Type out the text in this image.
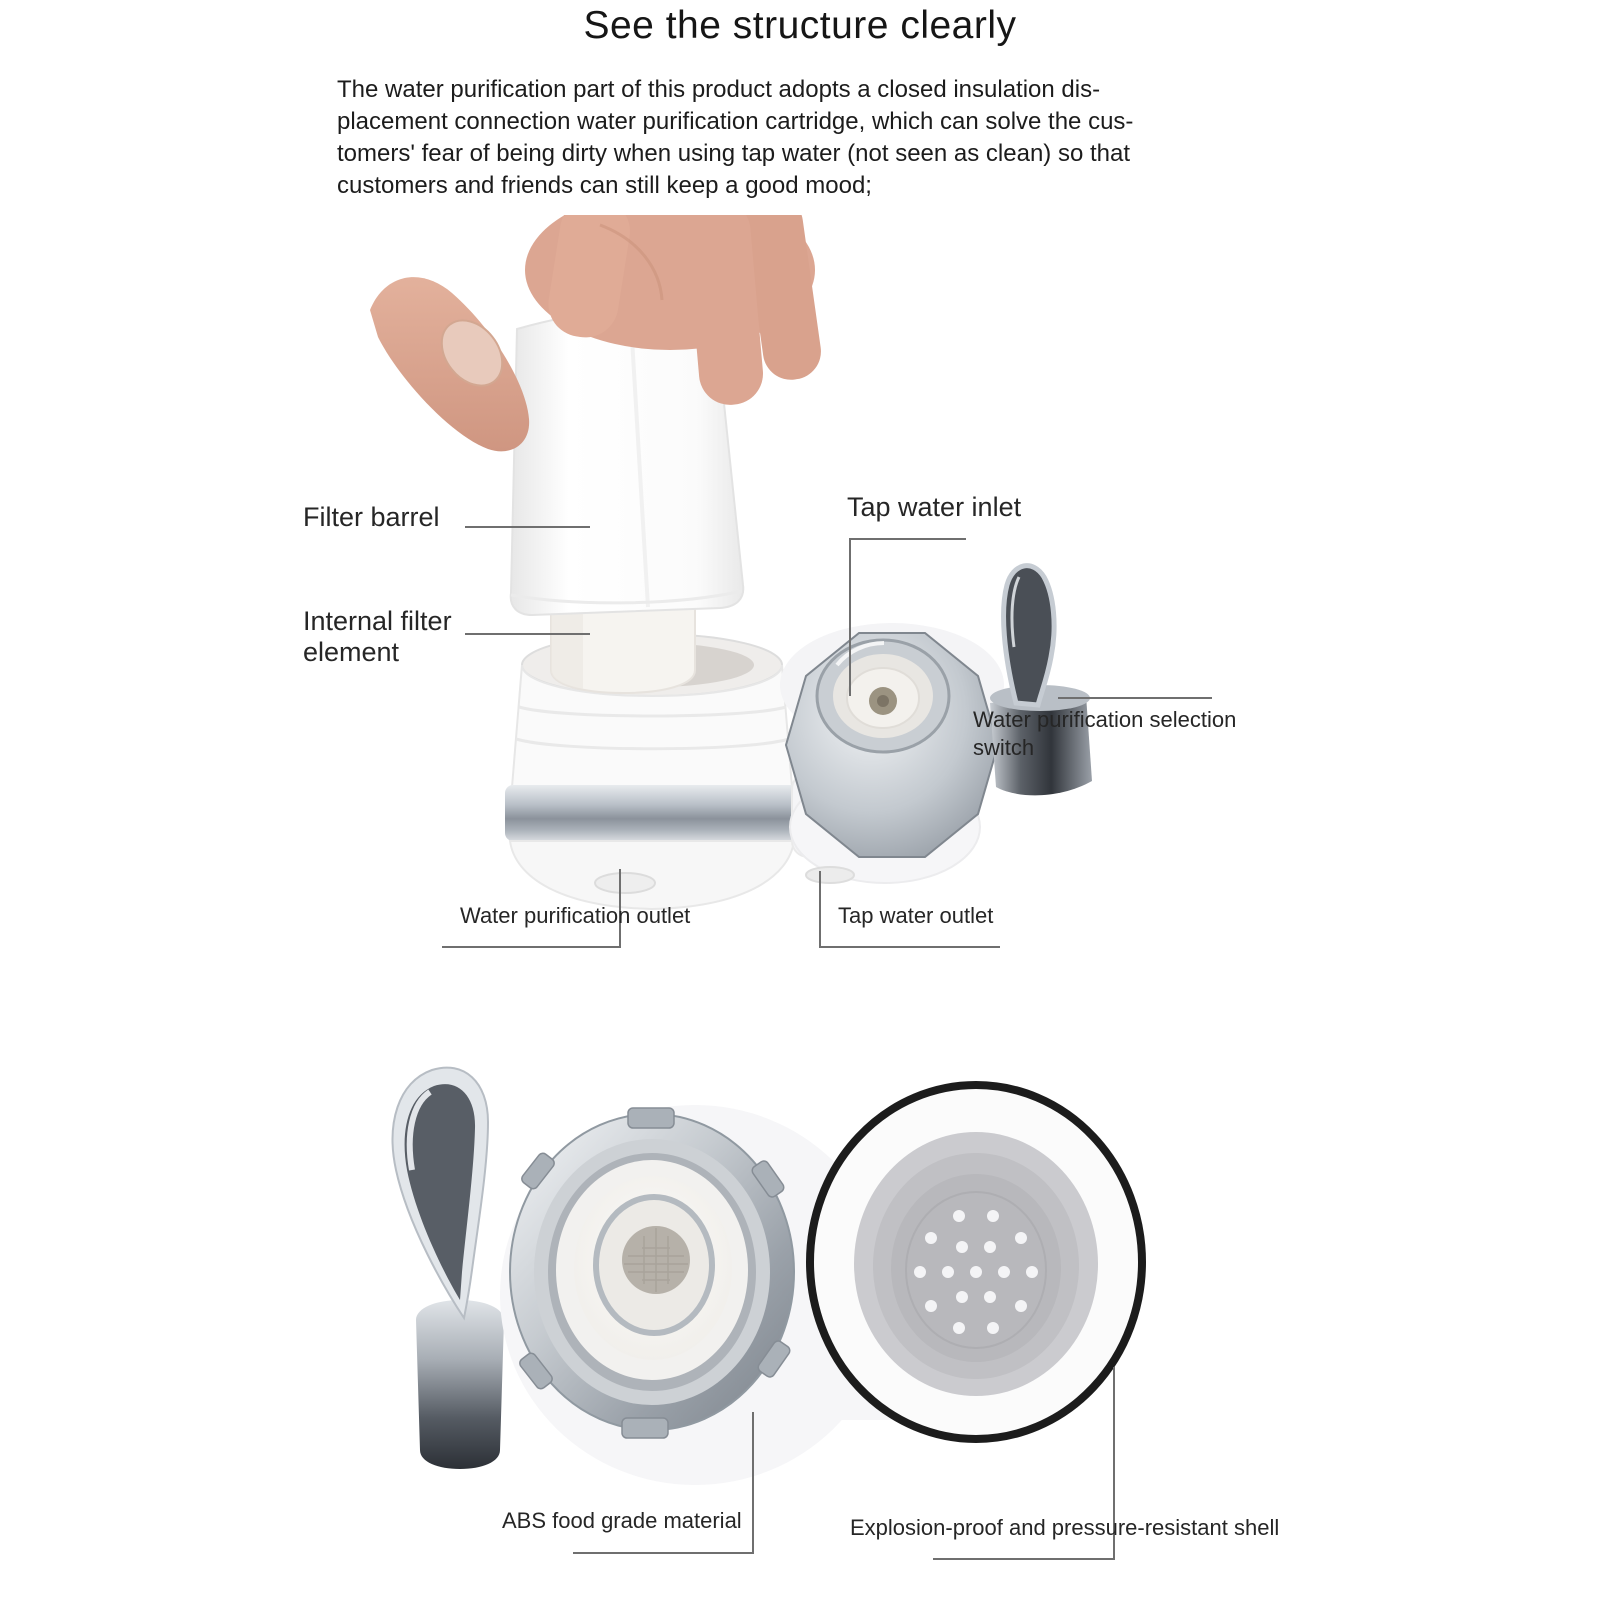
See the structure clearly
The water purification part of this product adopts a closed insulation dis-
placement connection water purification cartridge, which can solve the cus-
tomers' fear of being dirty when using tap water (not seen as clean) so that
customers and friends can still keep a good mood;
Filter barrel
Internal filter element
Tap water inlet
Water purification selection switch
Water purification outlet	Tap water outlet
ABS food grade material	Explosion-proof and pressure-resistant shell
